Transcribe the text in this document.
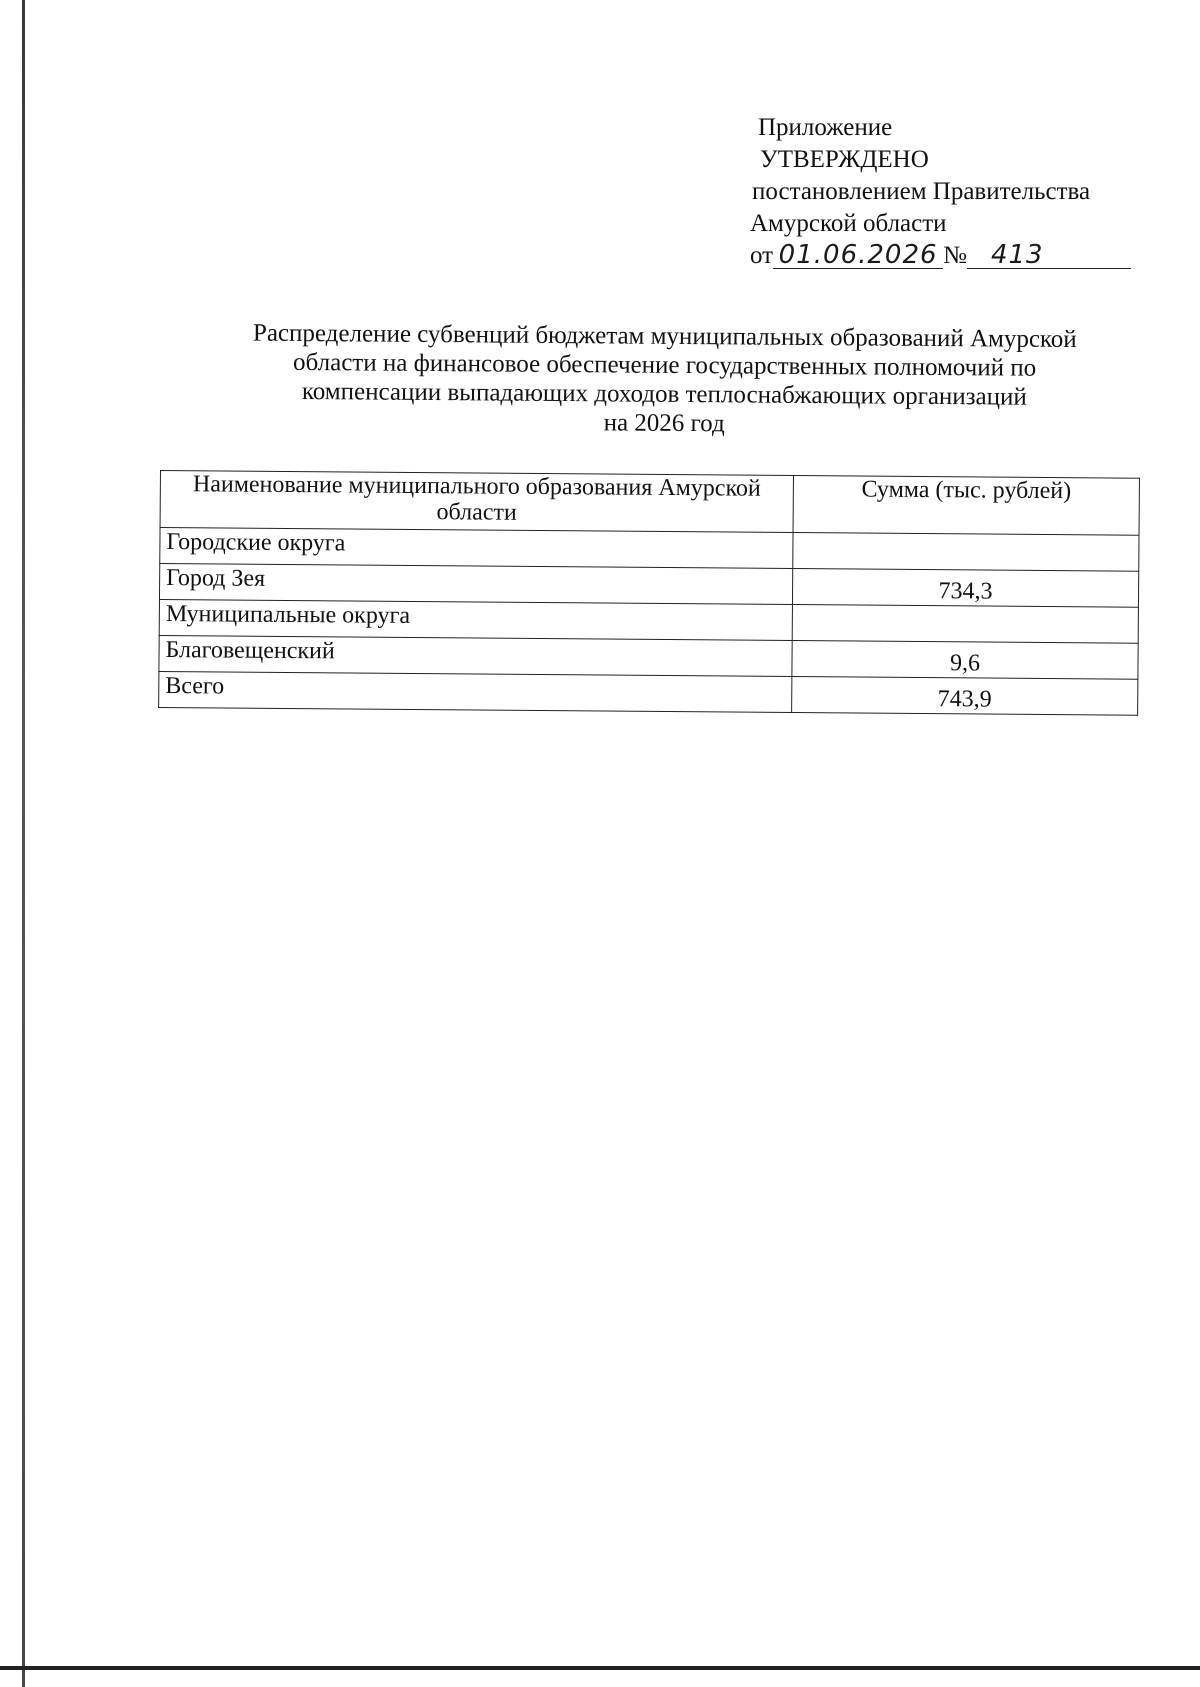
Приложение
УТВЕРЖДЕНО
постановлением Правительства
Амурской области
от 01.06.2026 № 413
Распределение субвенций бюджетам муниципальных образований Амурской
области на финансовое обеспечение государственных полномочий по
компенсации выпадающих доходов теплоснабжающих организаций
на 2026 год
Наименование муниципального образования Амурской области	Сумма (тыс. рублей)
Городские округа	
Город Зея	734,3
Муниципальные округа	
Благовещенский	9,6
Всего	743,9
